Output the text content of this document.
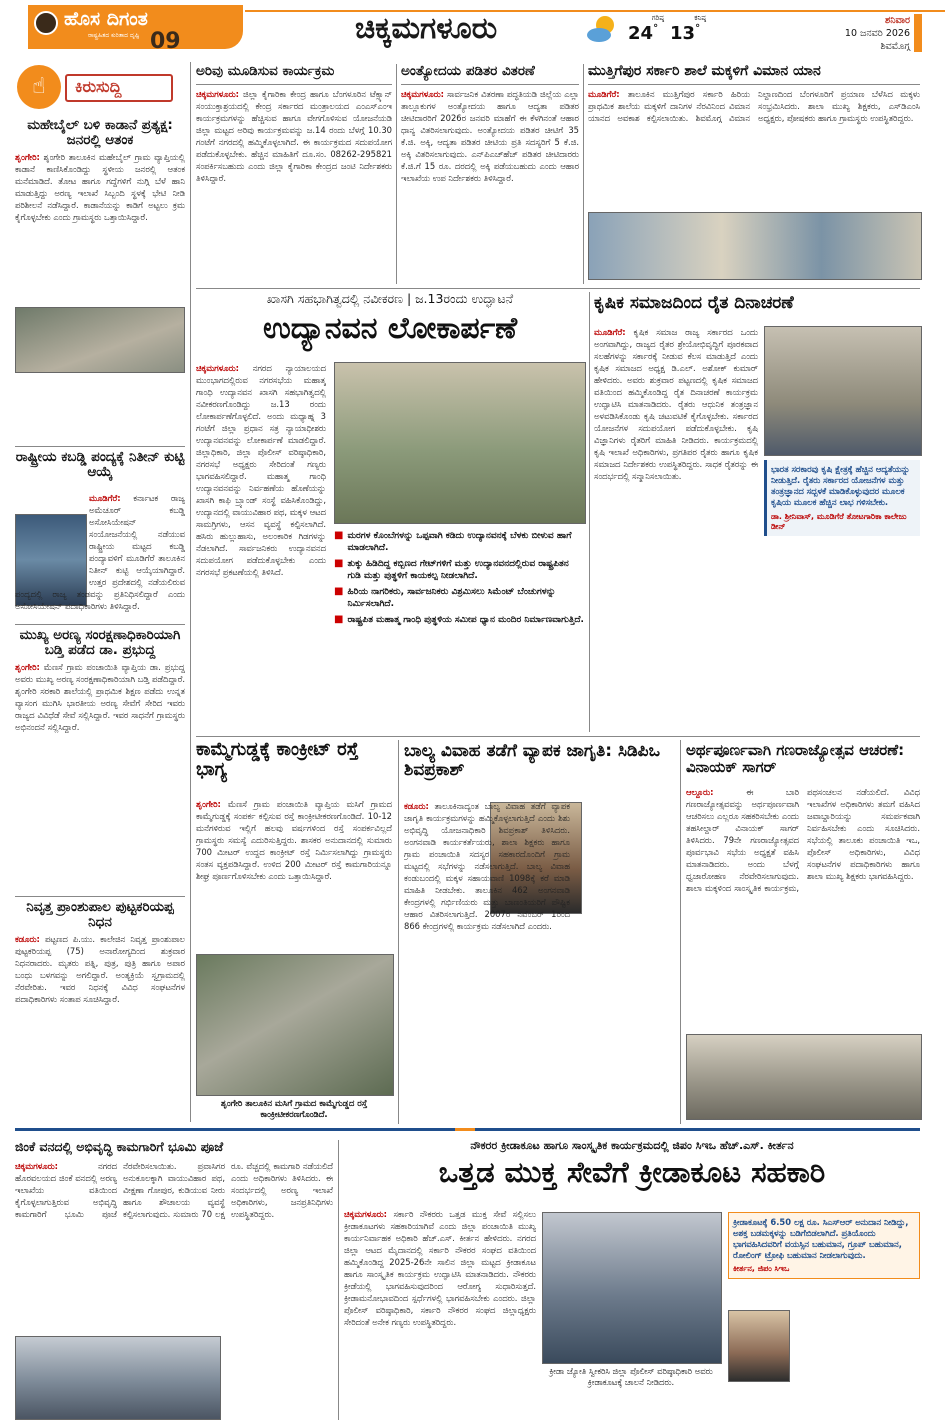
ಹೊಸ ದಿಗಂತ
ರಾಷ್ಟ್ರಹಿತದ ಕುರಿತಾದ ದೃಷ್ಟಿ 09	ಚಿಕ್ಕಮಗಳೂರು	ಗರಿಷ್ಠ
24°
ಕನಿಷ್ಠ
13°
ಶನಿವಾರ
10 ಜನವರಿ 2026
ಶಿವಮೊಗ್ಗ
☝	ಕಿರುಸುದ್ದಿ
ಮಹೇಬೈಲ್ ಬಳಿ ಕಾಡಾನೆ ಪ್ರತ್ಯಕ್ಷ: ಜನರಲ್ಲಿ ಆತಂಕ
ಶೃಂಗೇರಿ: ಶೃಂಗೇರಿ ತಾಲೂಕಿನ ಮಹೇಬೈಲ್ ಗ್ರಾಮ ವ್ಯಾಪ್ತಿಯಲ್ಲಿ ಕಾಡಾನೆ ಕಾಣಿಸಿಕೊಂಡಿದ್ದು ಸ್ಥಳೀಯ ಜನರಲ್ಲಿ ಆತಂಕ ಮನೆಮಾಡಿದೆ. ತೋಟ ಹಾಗೂ ಗದ್ದೆಗಳಿಗೆ ನುಗ್ಗಿ ಬೆಳೆ ಹಾನಿ ಮಾಡುತ್ತಿದ್ದು ಅರಣ್ಯ ಇಲಾಖೆ ಸಿಬ್ಬಂದಿ ಸ್ಥಳಕ್ಕೆ ಭೇಟಿ ನೀಡಿ ಪರಿಶೀಲನೆ ನಡೆಸಿದ್ದಾರೆ. ಕಾಡಾನೆಯನ್ನು ಕಾಡಿಗೆ ಅಟ್ಟಲು ಕ್ರಮ ಕೈಗೊಳ್ಳಬೇಕು ಎಂದು ಗ್ರಾಮಸ್ಥರು ಒತ್ತಾಯಿಸಿದ್ದಾರೆ.
ರಾಷ್ಟ್ರೀಯ ಕಬಡ್ಡಿ ಪಂದ್ಯಕ್ಕೆ ನಿತೀನ್ ಕುಟ್ಟಿ ಆಯ್ಕೆ
ಮೂಡಿಗೆರೆ: ಕರ್ನಾಟಕ ರಾಜ್ಯ ಅಮೆಚೂರ್ ಕಬಡ್ಡಿ ಅಸೋಸಿಯೇಷನ್ ಸಂಯೋಜನೆಯಲ್ಲಿ ನಡೆಯುವ ರಾಷ್ಟ್ರೀಯ ಮಟ್ಟದ ಕಬಡ್ಡಿ ಪಂದ್ಯಾವಳಿಗೆ ಮೂಡಿಗೆರೆ ತಾಲೂಕಿನ ನಿತೀನ್ ಕುಟ್ಟಿ ಆಯ್ಕೆಯಾಗಿದ್ದಾರೆ. ಉತ್ತರ ಪ್ರದೇಶದಲ್ಲಿ ನಡೆಯಲಿರುವ ಪಂದ್ಯದಲ್ಲಿ ರಾಜ್ಯ ತಂಡವನ್ನು ಪ್ರತಿನಿಧಿಸಲಿದ್ದಾರೆ ಎಂದು ಅಸೋಸಿಯೇಷನ್ ಪದಾಧಿಕಾರಿಗಳು ತಿಳಿಸಿದ್ದಾರೆ.
ಮುಖ್ಯ ಅರಣ್ಯ ಸಂರಕ್ಷಣಾಧಿಕಾರಿಯಾಗಿ ಬಡ್ತಿ ಪಡೆದ ಡಾ. ಪ್ರಭುದ್ದ
ಶೃಂಗೇರಿ: ಮೆಣಸೆ ಗ್ರಾಮ ಪಂಚಾಯಿತಿ ವ್ಯಾಪ್ತಿಯ ಡಾ. ಪ್ರಭುದ್ದ ಅವರು ಮುಖ್ಯ ಅರಣ್ಯ ಸಂರಕ್ಷಣಾಧಿಕಾರಿಯಾಗಿ ಬಡ್ತಿ ಪಡೆದಿದ್ದಾರೆ. ಶೃಂಗೇರಿ ಸರಕಾರಿ ಶಾಲೆಯಲ್ಲಿ ಪ್ರಾಥಮಿಕ ಶಿಕ್ಷಣ ಪಡೆದು ಉನ್ನತ ವ್ಯಾಸಂಗ ಮುಗಿಸಿ ಭಾರತೀಯ ಅರಣ್ಯ ಸೇವೆಗೆ ಸೇರಿದ ಇವರು ರಾಜ್ಯದ ವಿವಿಧೆಡೆ ಸೇವೆ ಸಲ್ಲಿಸಿದ್ದಾರೆ. ಇವರ ಸಾಧನೆಗೆ ಗ್ರಾಮಸ್ಥರು ಅಭಿನಂದನೆ ಸಲ್ಲಿಸಿದ್ದಾರೆ.
ನಿವೃತ್ತ ಪ್ರಾಂಶುಪಾಲ ಪುಟ್ಟಕರಿಯಪ್ಪ ನಿಧನ
ಕಡೂರು: ಪಟ್ಟಣದ ಪಿ.ಯು. ಕಾಲೇಜಿನ ನಿವೃತ್ತ ಪ್ರಾಂಶುಪಾಲ ಪುಟ್ಟಕರಿಯಪ್ಪ (75) ಅನಾರೋಗ್ಯದಿಂದ ಶುಕ್ರವಾರ ನಿಧನರಾದರು. ಮೃತರು ಪತ್ನಿ, ಪುತ್ರ, ಪುತ್ರಿ ಹಾಗೂ ಅಪಾರ ಬಂಧು ಬಳಗವನ್ನು ಅಗಲಿದ್ದಾರೆ. ಅಂತ್ಯಕ್ರಿಯೆ ಸ್ವಗ್ರಾಮದಲ್ಲಿ ನೆರವೇರಿತು. ಇವರ ನಿಧನಕ್ಕೆ ವಿವಿಧ ಸಂಘಟನೆಗಳ ಪದಾಧಿಕಾರಿಗಳು ಸಂತಾಪ ಸೂಚಿಸಿದ್ದಾರೆ.
ಅರಿವು ಮೂಡಿಸುವ ಕಾರ್ಯಕ್ರಮ
ಚಿಕ್ಕಮಗಳೂರು: ಜಿಲ್ಲಾ ಕೈಗಾರಿಕಾ ಕೇಂದ್ರ ಹಾಗೂ ಬೆಂಗಳೂರಿನ ಟೆಕ್ಸ್ಕಾನ್ ಸಂಯುಕ್ತಾಶ್ರಯದಲ್ಲಿ ಕೇಂದ್ರ ಸರ್ಕಾರದ ಮಂತ್ರಾಲಯದ ಎಂಎಸ್‌ಎಂಇ ಕಾರ್ಯಕ್ರಮಗಳನ್ನು ಹೆಚ್ಚಿಸುವ ಹಾಗೂ ವೇಗಗೊಳಿಸುವ ಯೋಜನೆಯಡಿ ಜಿಲ್ಲಾ ಮಟ್ಟದ ಅರಿವು ಕಾರ್ಯಕ್ರಮವನ್ನು ಜ.14 ರಂದು ಬೆಳಗ್ಗೆ 10.30 ಗಂಟೆಗೆ ನಗರದಲ್ಲಿ ಹಮ್ಮಿಕೊಳ್ಳಲಾಗಿದೆ. ಈ ಕಾರ್ಯಕ್ರಮದ ಸದುಪಯೋಗ ಪಡೆದುಕೊಳ್ಳಬೇಕು. ಹೆಚ್ಚಿನ ಮಾಹಿತಿಗೆ ದೂ.ಸಂ. 08262-295821 ಸಂಪರ್ಕಿಸಬಹುದು ಎಂದು ಜಿಲ್ಲಾ ಕೈಗಾರಿಕಾ ಕೇಂದ್ರದ ಜಂಟಿ ನಿರ್ದೇಶಕರು ತಿಳಿಸಿದ್ದಾರೆ.
ಅಂತ್ಯೋದಯ ಪಡಿತರ ವಿತರಣೆ
ಚಿಕ್ಕಮಗಳೂರು: ಸಾರ್ವಜನಿಕ ವಿತರಣಾ ಪದ್ಧತಿಯಡಿ ಜಿಲ್ಲೆಯ ಎಲ್ಲಾ ತಾಲ್ಲೂಕುಗಳ ಅಂತ್ಯೋದಯ ಹಾಗೂ ಆದ್ಯತಾ ಪಡಿತರ ಚೀಟಿದಾರರಿಗೆ 2026ರ ಜನವರಿ ಮಾಹೆಗೆ ಈ ಕೆಳಗಿನಂತೆ ಆಹಾರ ಧಾನ್ಯ ವಿತರಿಸಲಾಗುವುದು. ಅಂತ್ಯೋದಯ ಪಡಿತರ ಚೀಟಿಗೆ 35 ಕೆ.ಜಿ. ಅಕ್ಕಿ, ಆದ್ಯತಾ ಪಡಿತರ ಚೀಟಿಯ ಪ್ರತಿ ಸದಸ್ಯರಿಗೆ 5 ಕೆ.ಜಿ. ಅಕ್ಕಿ ವಿತರಿಸಲಾಗುವುದು. ಎನ್‌ಪಿಎಚ್‌ಹೆಚ್ ಪಡಿತರ ಚೀಟಿದಾರರು ಕೆ.ಜಿ.ಗೆ 15 ರೂ. ದರದಲ್ಲಿ ಅಕ್ಕಿ ಪಡೆಯಬಹುದು ಎಂದು ಆಹಾರ ಇಲಾಖೆಯ ಉಪ ನಿರ್ದೇಶಕರು ತಿಳಿಸಿದ್ದಾರೆ.
ಮುತ್ತಿಗೆಪುರ ಸರ್ಕಾರಿ ಶಾಲೆ ಮಕ್ಕಳಿಗೆ ವಿಮಾನ ಯಾನ
ಮೂಡಿಗೆರೆ: ತಾಲೂಕಿನ ಮುತ್ತಿಗೆಪುರ ಸರ್ಕಾರಿ ಹಿರಿಯ ಪ್ರಾಥಮಿಕ ಶಾಲೆಯ ಮಕ್ಕಳಿಗೆ ದಾನಿಗಳ ನೆರವಿನಿಂದ ವಿಮಾನ ಯಾನದ ಅವಕಾಶ ಕಲ್ಪಿಸಲಾಯಿತು. ಶಿವಮೊಗ್ಗ ವಿಮಾನ ನಿಲ್ದಾಣದಿಂದ ಬೆಂಗಳೂರಿಗೆ ಪ್ರಯಾಣ ಬೆಳೆಸಿದ ಮಕ್ಕಳು ಸಂಭ್ರಮಿಸಿದರು. ಶಾಲಾ ಮುಖ್ಯ ಶಿಕ್ಷಕರು, ಎಸ್‌ಡಿಎಂಸಿ ಅಧ್ಯಕ್ಷರು, ಪೋಷಕರು ಹಾಗೂ ಗ್ರಾಮಸ್ಥರು ಉಪಸ್ಥಿತರಿದ್ದರು.
ಖಾಸಗಿ ಸಹಭಾಗಿತ್ವದಲ್ಲಿ ನವೀಕರಣ | ಜ.13ರಂದು ಉದ್ಘಾಟನೆ
ಉದ್ಯಾನವನ ಲೋಕಾರ್ಪಣೆ
ಚಿಕ್ಕಮಗಳೂರು: ನಗರದ ನ್ಯಾಯಾಲಯದ ಮುಂಭಾಗದಲ್ಲಿರುವ ನಗರಸಭೆಯ ಮಹಾತ್ಮ ಗಾಂಧಿ ಉದ್ಯಾನವನ ಖಾಸಗಿ ಸಹಭಾಗಿತ್ವದಲ್ಲಿ ನವೀಕರಣಗೊಂಡಿದ್ದು ಜ.13 ರಂದು ಲೋಕಾರ್ಪಣೆಗೊಳ್ಳಲಿದೆ. ಅಂದು ಮಧ್ಯಾಹ್ನ 3 ಗಂಟೆಗೆ ಜಿಲ್ಲಾ ಪ್ರಧಾನ ಸತ್ರ ನ್ಯಾಯಾಧೀಶರು ಉದ್ಯಾನವನವನ್ನು ಲೋಕಾರ್ಪಣೆ ಮಾಡಲಿದ್ದಾರೆ. ಜಿಲ್ಲಾಧಿಕಾರಿ, ಜಿಲ್ಲಾ ಪೊಲೀಸ್ ವರಿಷ್ಠಾಧಿಕಾರಿ, ನಗರಸಭೆ ಅಧ್ಯಕ್ಷರು ಸೇರಿದಂತೆ ಗಣ್ಯರು ಭಾಗವಹಿಸಲಿದ್ದಾರೆ. ಮಹಾತ್ಮ ಗಾಂಧಿ ಉದ್ಯಾನವನವನ್ನು ನಿರ್ವಹಣೆಯ ಹೊಣೆಯನ್ನು ಖಾಸಗಿ ಕಾಫಿ ಬ್ರ್ಯಾಂಡ್ ಸಂಸ್ಥೆ ವಹಿಸಿಕೊಂಡಿದ್ದು, ಉದ್ಯಾನದಲ್ಲಿ ವಾಯುವಿಹಾರ ಪಥ, ಮಕ್ಕಳ ಆಟದ ಸಾಮಗ್ರಿಗಳು, ಆಸನ ವ್ಯವಸ್ಥೆ ಕಲ್ಪಿಸಲಾಗಿದೆ. ಹಸಿರು ಹುಲ್ಲುಹಾಸು, ಅಲಂಕಾರಿಕ ಗಿಡಗಳನ್ನು ನೆಡಲಾಗಿದೆ. ಸಾರ್ವಜನಿಕರು ಉದ್ಯಾನವನದ ಸದುಪಯೋಗ ಪಡೆದುಕೊಳ್ಳಬೇಕು ಎಂದು ನಗರಸಭೆ ಪ್ರಕಟಣೆಯಲ್ಲಿ ತಿಳಿಸಿದೆ.
■ ಮರಗಳ ಕೊಂಬೆಗಳನ್ನು ಒಪ್ಪವಾಗಿ ಕಡಿದು ಉದ್ಯಾನವನಕ್ಕೆ ಬೆಳಕು ಬೀಳುವ ಹಾಗೆ ಮಾಡಲಾಗಿದೆ.
■ ತುಕ್ಕು ಹಿಡಿದಿದ್ದ ಕಬ್ಬಿಣದ ಗೇಟ್‌ಗಳಿಗೆ ಮತ್ತು ಉದ್ಯಾನವನದಲ್ಲಿರುವ ರಾಷ್ಟ್ರಪಿತನ ಗುಡಿ ಮತ್ತು ಪುತ್ಥಳಿಗೆ ಕಾಯಕಲ್ಪ ನೀಡಲಾಗಿದೆ.
■ ಹಿರಿಯ ನಾಗರಿಕರು, ಸಾರ್ವಜನಿಕರು ವಿಶ್ರಮಿಸಲು ಸಿಮೆಂಟ್ ಬೆಂಚುಗಳನ್ನು ನಿರ್ಮಿಸಲಾಗಿದೆ.
■ ರಾಷ್ಟ್ರಪಿತ ಮಹಾತ್ಮ ಗಾಂಧಿ ಪುತ್ಥಳಿಯ ಸಮೀಪ ಧ್ಯಾನ ಮಂದಿರ ನಿರ್ಮಾಣವಾಗುತ್ತಿದೆ.
ಕೃಷಿಕ ಸಮಾಜದಿಂದ ರೈತ ದಿನಾಚರಣೆ
ಮೂಡಿಗೆರೆ: ಕೃಷಿಕ ಸಮಾಜ ರಾಜ್ಯ ಸರ್ಕಾರದ ಒಂದು ಅಂಗವಾಗಿದ್ದು, ರಾಜ್ಯದ ರೈತರ ಶ್ರೇಯೋಭಿವೃದ್ಧಿಗೆ ಪೂರಕವಾದ ಸಲಹೆಗಳನ್ನು ಸರ್ಕಾರಕ್ಕೆ ನೀಡುವ ಕೆಲಸ ಮಾಡುತ್ತಿದೆ ಎಂದು ಕೃಷಿಕ ಸಮಾಜದ ಅಧ್ಯಕ್ಷ ಡಿ.ಎಲ್. ಅಶೋಕ್ ಕುಮಾರ್ ಹೇಳಿದರು. ಅವರು ಶುಕ್ರವಾರ ಪಟ್ಟಣದಲ್ಲಿ ಕೃಷಿಕ ಸಮಾಜದ ವತಿಯಿಂದ ಹಮ್ಮಿಕೊಂಡಿದ್ದ ರೈತ ದಿನಾಚರಣೆ ಕಾರ್ಯಕ್ರಮ ಉದ್ಘಾಟಿಸಿ ಮಾತನಾಡಿದರು. ರೈತರು ಆಧುನಿಕ ತಂತ್ರಜ್ಞಾನ ಅಳವಡಿಸಿಕೊಂಡು ಕೃಷಿ ಚಟುವಟಿಕೆ ಕೈಗೊಳ್ಳಬೇಕು. ಸರ್ಕಾರದ ಯೋಜನೆಗಳ ಸದುಪಯೋಗ ಪಡೆದುಕೊಳ್ಳಬೇಕು. ಕೃಷಿ ವಿಜ್ಞಾನಿಗಳು ರೈತರಿಗೆ ಮಾಹಿತಿ ನೀಡಿದರು. ಕಾರ್ಯಕ್ರಮದಲ್ಲಿ ಕೃಷಿ ಇಲಾಖೆ ಅಧಿಕಾರಿಗಳು, ಪ್ರಗತಿಪರ ರೈತರು ಹಾಗೂ ಕೃಷಿಕ ಸಮಾಜದ ನಿರ್ದೇಶಕರು ಉಪಸ್ಥಿತರಿದ್ದರು. ಸಾಧಕ ರೈತರನ್ನು ಈ ಸಂದರ್ಭದಲ್ಲಿ ಸನ್ಮಾನಿಸಲಾಯಿತು.
ಭಾರತ ಸರಕಾರವು ಕೃಷಿ ಕ್ಷೇತ್ರಕ್ಕೆ ಹೆಚ್ಚಿನ ಆದ್ಯತೆಯನ್ನು ನೀಡುತ್ತಿದೆ. ರೈತರು ಸರ್ಕಾರದ ಯೋಜನೆಗಳ ಮತ್ತು ತಂತ್ರಜ್ಞಾನದ ಸದ್ಬಳಕೆ ಮಾಡಿಕೊಳ್ಳುವುದರ ಮೂಲಕ ಕೃಷಿಯ ಮೂಲಕ ಹೆಚ್ಚಿನ ಲಾಭ ಗಳಿಸಬೇಕು.
ಡಾ. ಶ್ರೀನಿವಾಸ್, ಮೂಡಿಗೆರೆ ತೋಟಗಾರಿಕಾ ಕಾಲೇಜು ಡೀನ್
ಕಾಮ್ಮೆಗುಡ್ಡಕ್ಕೆ ಕಾಂಕ್ರೀಟ್ ರಸ್ತೆ ಭಾಗ್ಯ
ಶೃಂಗೇರಿ: ಮೆಣಸೆ ಗ್ರಾಮ ಪಂಚಾಯಿತಿ ವ್ಯಾಪ್ತಿಯ ಮಸಿಗೆ ಗ್ರಾಮದ ಕಾಮ್ಮೆಗುಡ್ಡಕ್ಕೆ ಸಂಪರ್ಕ ಕಲ್ಪಿಸುವ ರಸ್ತೆ ಕಾಂಕ್ರೀಟೀಕರಣಗೊಂಡಿದೆ. 10-12 ಮನೆಗಳಿರುವ ಇಲ್ಲಿಗೆ ಹಲವು ವರ್ಷಗಳಿಂದ ರಸ್ತೆ ಸಂಪರ್ಕವಿಲ್ಲದೆ ಗ್ರಾಮಸ್ಥರು ಸಮಸ್ಯೆ ಎದುರಿಸುತ್ತಿದ್ದರು. ಶಾಸಕರ ಅನುದಾನದಲ್ಲಿ ಸುಮಾರು 700 ಮೀಟರ್ ಉದ್ದದ ಕಾಂಕ್ರೀಟ್ ರಸ್ತೆ ನಿರ್ಮಿಸಲಾಗಿದ್ದು ಗ್ರಾಮಸ್ಥರು ಸಂತಸ ವ್ಯಕ್ತಪಡಿಸಿದ್ದಾರೆ. ಉಳಿದ 200 ಮೀಟರ್ ರಸ್ತೆ ಕಾಮಗಾರಿಯನ್ನೂ ಶೀಘ್ರ ಪೂರ್ಣಗೊಳಿಸಬೇಕು ಎಂದು ಒತ್ತಾಯಿಸಿದ್ದಾರೆ.
ಶೃಂಗೇರಿ ತಾಲೂಕಿನ ಮಸಿಗೆ ಗ್ರಾಮದ ಕಾಮ್ಮೆಗುಡ್ಡದ ರಸ್ತೆ ಕಾಂಕ್ರೀಟೀಕರಣಗೊಂಡಿದೆ.
ಬಾಲ್ಯ ವಿವಾಹ ತಡೆಗೆ ವ್ಯಾಪಕ ಜಾಗೃತಿ: ಸಿಡಿಪಿಒ ಶಿವಪ್ರಕಾಶ್
ಕಡೂರು: ತಾಲೂಕಿನಾದ್ಯಂತ ಬಾಲ್ಯ ವಿವಾಹ ತಡೆಗೆ ವ್ಯಾಪಕ ಜಾಗೃತಿ ಕಾರ್ಯಕ್ರಮಗಳನ್ನು ಹಮ್ಮಿಕೊಳ್ಳಲಾಗುತ್ತಿದೆ ಎಂದು ಶಿಶು ಅಭಿವೃದ್ಧಿ ಯೋಜನಾಧಿಕಾರಿ ಶಿವಪ್ರಕಾಶ್ ತಿಳಿಸಿದರು. ಅಂಗನವಾಡಿ ಕಾರ್ಯಕರ್ತೆಯರು, ಶಾಲಾ ಶಿಕ್ಷಕರು ಹಾಗೂ ಗ್ರಾಮ ಪಂಚಾಯಿತಿ ಸದಸ್ಯರ ಸಹಕಾರದೊಂದಿಗೆ ಗ್ರಾಮ ಮಟ್ಟದಲ್ಲಿ ಸಭೆಗಳನ್ನು ನಡೆಸಲಾಗುತ್ತಿದೆ. ಬಾಲ್ಯ ವಿವಾಹ ಕಂಡುಬಂದಲ್ಲಿ ಮಕ್ಕಳ ಸಹಾಯವಾಣಿ 1098ಕ್ಕೆ ಕರೆ ಮಾಡಿ ಮಾಹಿತಿ ನೀಡಬೇಕು. ತಾಲೂಕಿನ 462 ಅಂಗನವಾಡಿ ಕೇಂದ್ರಗಳಲ್ಲಿ ಗರ್ಭಿಣಿಯರು ಮತ್ತು ಬಾಣಂತಿಯರಿಗೆ ಪೌಷ್ಟಿಕ ಆಹಾರ ವಿತರಿಸಲಾಗುತ್ತಿದೆ. 2007ರ ನವೆಂಬರ್ 1ರಿಂದ 866 ಕೇಂದ್ರಗಳಲ್ಲಿ ಕಾರ್ಯಕ್ರಮ ನಡೆಸಲಾಗಿದೆ ಎಂದರು.
ಅರ್ಥಪೂರ್ಣವಾಗಿ ಗಣರಾಜ್ಯೋತ್ಸವ ಆಚರಣೆ: ವಿನಾಯಕ್ ಸಾಗರ್
ಆಲ್ದೂರು:	ಈ ಬಾರಿ ಗಣರಾಜ್ಯೋತ್ಸವವನ್ನು ಅರ್ಥಪೂರ್ಣವಾಗಿ ಆಚರಿಸಲು ಎಲ್ಲರೂ ಸಹಕರಿಸಬೇಕು ಎಂದು ತಹಸೀಲ್ದಾರ್ ವಿನಾಯಕ್ ಸಾಗರ್ ತಿಳಿಸಿದರು. 79ನೇ ಗಣರಾಜ್ಯೋತ್ಸವದ ಪೂರ್ವಭಾವಿ ಸಭೆಯ ಅಧ್ಯಕ್ಷತೆ ವಹಿಸಿ ಮಾತನಾಡಿದರು. ಅಂದು ಬೆಳಗ್ಗೆ ಧ್ವಜಾರೋಹಣ ನೆರವೇರಿಸಲಾಗುವುದು. ಶಾಲಾ ಮಕ್ಕಳಿಂದ ಸಾಂಸ್ಕೃತಿಕ ಕಾರ್ಯಕ್ರಮ, ಪಥಸಂಚಲನ ನಡೆಯಲಿದೆ. ವಿವಿಧ ಇಲಾಖೆಗಳ ಅಧಿಕಾರಿಗಳು ತಮಗೆ ವಹಿಸಿದ ಜವಾಬ್ದಾರಿಯನ್ನು ಸಮರ್ಪಕವಾಗಿ ನಿರ್ವಹಿಸಬೇಕು ಎಂದು ಸೂಚಿಸಿದರು. ಸಭೆಯಲ್ಲಿ ತಾಲೂಕು ಪಂಚಾಯಿತಿ ಇಒ, ಪೊಲೀಸ್ ಅಧಿಕಾರಿಗಳು, ವಿವಿಧ ಸಂಘಟನೆಗಳ ಪದಾಧಿಕಾರಿಗಳು ಹಾಗೂ ಶಾಲಾ ಮುಖ್ಯ ಶಿಕ್ಷಕರು ಭಾಗವಹಿಸಿದ್ದರು.
ಜಿಂಕೆ ವನದಲ್ಲಿ ಅಭಿವೃದ್ಧಿ ಕಾಮಗಾರಿಗೆ ಭೂಮಿ ಪೂಜೆ
ಚಿಕ್ಕಮಗಳೂರು:	ನಗರದ ಹೊರವಲಯದ ಜಿಂಕೆ ವನದಲ್ಲಿ ಅರಣ್ಯ ಇಲಾಖೆಯ ವತಿಯಿಂದ ಕೈಗೊಳ್ಳಲಾಗುತ್ತಿರುವ ಅಭಿವೃದ್ಧಿ ಕಾಮಗಾರಿಗೆ ಭೂಮಿ ಪೂಜೆ ನೆರವೇರಿಸಲಾಯಿತು. ಪ್ರವಾಸಿಗರ ಅನುಕೂಲಕ್ಕಾಗಿ ವಾಯುವಿಹಾರ ಪಥ, ವೀಕ್ಷಣಾ ಗೋಪುರ, ಕುಡಿಯುವ ನೀರು ಹಾಗೂ ಶೌಚಾಲಯ ವ್ಯವಸ್ಥೆ ಕಲ್ಪಿಸಲಾಗುವುದು. ಸುಮಾರು 70 ಲಕ್ಷ ರೂ. ವೆಚ್ಚದಲ್ಲಿ ಕಾಮಗಾರಿ ನಡೆಯಲಿದೆ ಎಂದು ಅಧಿಕಾರಿಗಳು ತಿಳಿಸಿದರು. ಈ ಸಂದರ್ಭದಲ್ಲಿ ಅರಣ್ಯ ಇಲಾಖೆ ಅಧಿಕಾರಿಗಳು, ಜನಪ್ರತಿನಿಧಿಗಳು ಉಪಸ್ಥಿತರಿದ್ದರು.
ನೌಕರರ ಕ್ರೀಡಾಕೂಟ ಹಾಗೂ ಸಾಂಸ್ಕೃತಿಕ ಕಾರ್ಯಕ್ರಮದಲ್ಲಿ ಜಿಪಂ ಸಿಇಒ ಹೆಚ್.ಎಸ್. ಕೀರ್ತನ
ಒತ್ತಡ ಮುಕ್ತ ಸೇವೆಗೆ ಕ್ರೀಡಾಕೂಟ ಸಹಕಾರಿ
ಚಿಕ್ಕಮಗಳೂರು: ಸರ್ಕಾರಿ ನೌಕರರು ಒತ್ತಡ ಮುಕ್ತ ಸೇವೆ ಸಲ್ಲಿಸಲು ಕ್ರೀಡಾಕೂಟಗಳು ಸಹಕಾರಿಯಾಗಿವೆ ಎಂದು ಜಿಲ್ಲಾ ಪಂಚಾಯಿತಿ ಮುಖ್ಯ ಕಾರ್ಯನಿರ್ವಾಹಕ ಅಧಿಕಾರಿ ಹೆಚ್.ಎಸ್. ಕೀರ್ತನ ಹೇಳಿದರು. ನಗರದ ಜಿಲ್ಲಾ ಆಟದ ಮೈದಾನದಲ್ಲಿ ಸರ್ಕಾರಿ ನೌಕರರ ಸಂಘದ ವತಿಯಿಂದ ಹಮ್ಮಿಕೊಂಡಿದ್ದ 2025-26ನೇ ಸಾಲಿನ ಜಿಲ್ಲಾ ಮಟ್ಟದ ಕ್ರೀಡಾಕೂಟ ಹಾಗೂ ಸಾಂಸ್ಕೃತಿಕ ಕಾರ್ಯಕ್ರಮ ಉದ್ಘಾಟಿಸಿ ಮಾತನಾಡಿದರು. ನೌಕರರು ಕ್ರೀಡೆಯಲ್ಲಿ ಭಾಗವಹಿಸುವುದರಿಂದ ಆರೋಗ್ಯ ಸುಧಾರಿಸುತ್ತದೆ. ಕ್ರೀಡಾಮನೋಭಾವದಿಂದ ಸ್ಪರ್ಧೆಗಳಲ್ಲಿ ಭಾಗವಹಿಸಬೇಕು ಎಂದರು. ಜಿಲ್ಲಾ ಪೊಲೀಸ್ ವರಿಷ್ಠಾಧಿಕಾರಿ, ಸರ್ಕಾರಿ ನೌಕರರ ಸಂಘದ ಜಿಲ್ಲಾಧ್ಯಕ್ಷರು ಸೇರಿದಂತೆ ಅನೇಕ ಗಣ್ಯರು ಉಪಸ್ಥಿತರಿದ್ದರು.
ಕ್ರೀಡಾ ಜ್ಯೋತಿ ಸ್ವೀಕರಿಸಿ ಜಿಲ್ಲಾ ಪೊಲೀಸ್ ವರಿಷ್ಠಾಧಿಕಾರಿ ಅವರು ಕ್ರೀಡಾಕೂಟಕ್ಕೆ ಚಾಲನೆ ನೀಡಿದರು.
ಕ್ರೀಡಾಕೂಟಕ್ಕೆ 6.50 ಲಕ್ಷ ರೂ. ಸಿಎಸ್‌ಆರ್ ಅನುದಾನ ನೀಡಿದ್ದು, ಅಶಕ್ತ ಬಡಮಕ್ಕಳನ್ನು ಬಡಿಗೆಬಿಡಲಾಗಿದೆ. ಪ್ರತಿಯೊಂದು ಭಾಗವಹಿಸಿದವರಿಗೆ ವಯಸ್ಸಿನ ಬಹುಮಾನ, ಗ್ರೂಪ್ ಬಹುಮಾನ, ರೋಲಿಂಗ್ ಟ್ರೋಫಿ ಬಹುಮಾನ ನೀಡಲಾಗುವುದು.
ಕೀರ್ತನ, ಜಿಪಂ ಸಿಇಒ
